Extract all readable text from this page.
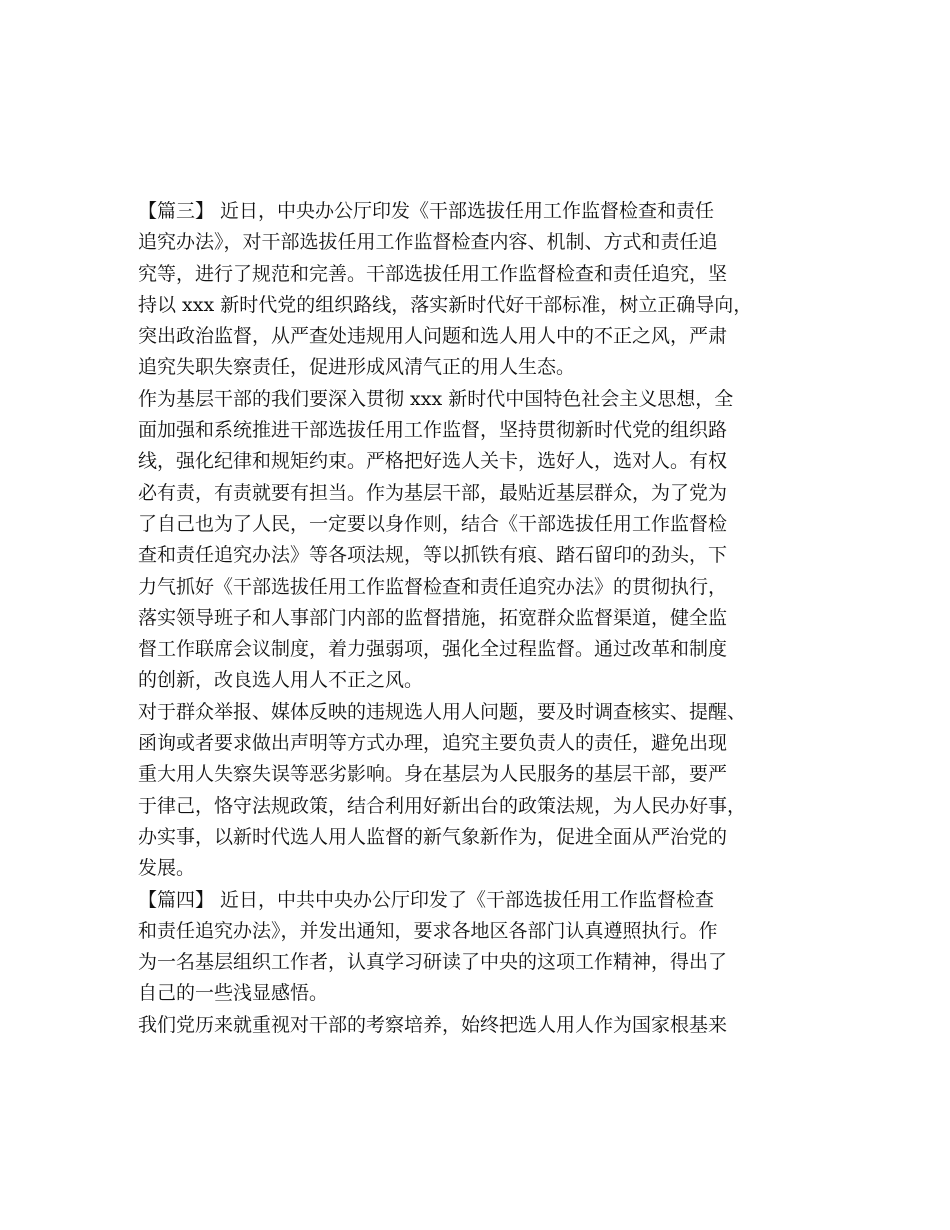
【篇三】 近日，中央办公厅印发《干部选拔任用工作监督检查和责任
追究办法》，对干部选拔任用工作监督检查内容、机制、方式和责任追
究等，进行了规范和完善。干部选拔任用工作监督检查和责任追究，坚
持以 xxx 新时代党的组织路线，落实新时代好干部标准，树立正确导向，
突出政治监督，从严查处违规用人问题和选人用人中的不正之风，严肃
追究失职失察责任，促进形成风清气正的用人生态。
作为基层干部的我们要深入贯彻 xxx 新时代中国特色社会主义思想，全
面加强和系统推进干部选拔任用工作监督，坚持贯彻新时代党的组织路
线，强化纪律和规矩约束。严格把好选人关卡，选好人，选对人。有权
必有责，有责就要有担当。作为基层干部，最贴近基层群众，为了党为
了自己也为了人民，一定要以身作则，结合《干部选拔任用工作监督检
查和责任追究办法》等各项法规，等以抓铁有痕、踏石留印的劲头，下
力气抓好《干部选拔任用工作监督检查和责任追究办法》的贯彻执行，
落实领导班子和人事部门内部的监督措施，拓宽群众监督渠道，健全监
督工作联席会议制度，着力强弱项，强化全过程监督。通过改革和制度
的创新，改良选人用人不正之风。
对于群众举报、媒体反映的违规选人用人问题，要及时调查核实、提醒、
函询或者要求做出声明等方式办理，追究主要负责人的责任，避免出现
重大用人失察失误等恶劣影响。身在基层为人民服务的基层干部，要严
于律己，恪守法规政策，结合利用好新出台的政策法规，为人民办好事，
办实事，以新时代选人用人监督的新气象新作为，促进全面从严治党的
发展。
【篇四】 近日，中共中央办公厅印发了《干部选拔任用工作监督检查
和责任追究办法》，并发出通知，要求各地区各部门认真遵照执行。作
为一名基层组织工作者，认真学习研读了中央的这项工作精神，得出了
自己的一些浅显感悟。
我们党历来就重视对干部的考察培养，始终把选人用人作为国家根基来
